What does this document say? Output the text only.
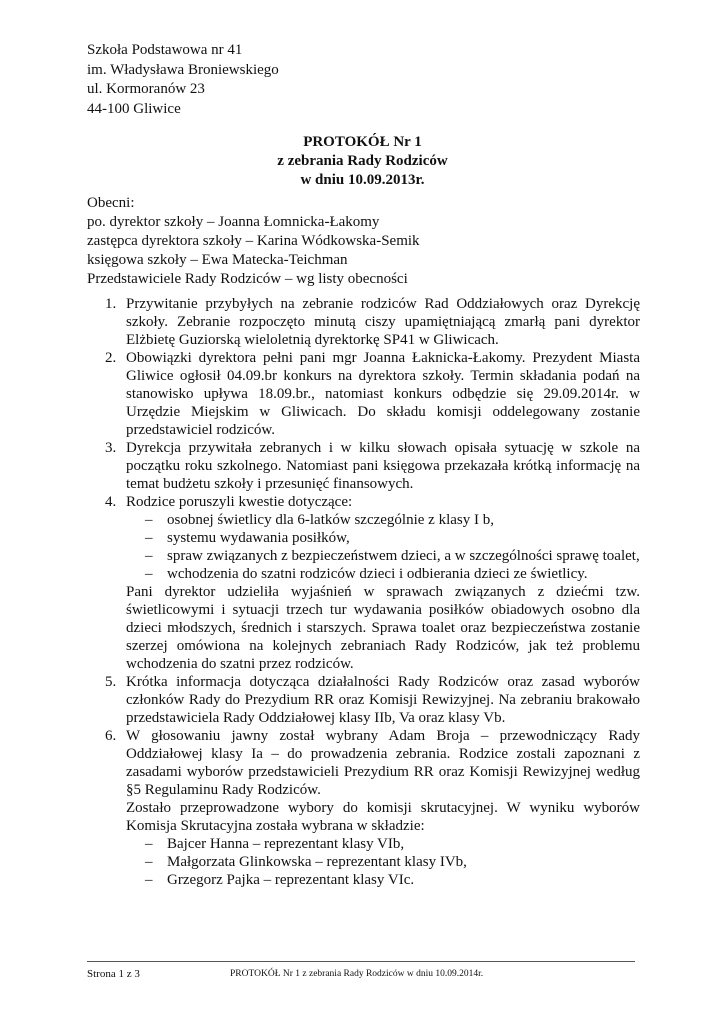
Szkoła Podstawowa nr 41
im. Władysława Broniewskiego
ul. Kormoranów 23
44-100 Gliwice
PROTOKÓŁ Nr 1
z zebrania Rady Rodziców
w dniu 10.09.2013r.
Obecni:
po. dyrektor szkoły – Joanna Łomnicka-Łakomy
zastępca dyrektora szkoły – Karina Wódkowska-Semik
księgowa szkoły – Ewa Matecka-Teichman
Przedstawiciele Rady Rodziców – wg listy obecności
1. Przywitanie przybyłych na zebranie rodziców Rad Oddziałowych oraz Dyrekcję szkoły. Zebranie rozpoczęto minutą ciszy upamiętniającą zmarłą pani dyrektor Elżbietę Guziorską wieloletnią dyrektorkę SP41 w Gliwicach.
2. Obowiązki dyrektora pełni pani mgr Joanna Łaknicka-Łakomy. Prezydent Miasta Gliwice ogłosił 04.09.br konkurs na dyrektora szkoły. Termin składania podań na stanowisko upływa 18.09.br., natomiast konkurs odbędzie się 29.09.2014r. w Urzędzie Miejskim w Gliwicach. Do składu komisji oddelegowany zostanie przedstawiciel rodziców.
3. Dyrekcja przywitała zebranych i w kilku słowach opisała sytuację w szkole na początku roku szkolnego. Natomiast pani księgowa przekazała krótką informację na temat budżetu szkoły i przesunięć finansowych.
4. Rodzice poruszyli kwestie dotyczące:
– osobnej świetlicy dla 6-latków szczególnie z klasy I b,
– systemu wydawania posiłków,
– spraw związanych z bezpieczeństwem dzieci, a w szczególności sprawę toalet,
– wchodzenia do szatni rodziców dzieci i odbierania dzieci ze świetlicy.
Pani dyrektor udzieliła wyjaśnień w sprawach związanych z dziećmi tzw. świetlicowymi i sytuacji trzech tur wydawania posiłków obiadowych osobno dla dzieci młodszych, średnich i starszych. Sprawa toalet oraz bezpieczeństwa zostanie szerzej omówiona na kolejnych zebraniach Rady Rodziców, jak też problemu wchodzenia do szatni przez rodziców.
5. Krótka informacja dotycząca działalności Rady Rodziców oraz zasad wyborów członków Rady do Prezydium RR oraz Komisji Rewizyjnej. Na zebraniu brakowało przedstawiciela Rady Oddziałowej klasy IIb, Va oraz klasy Vb.
6. W głosowaniu jawny został wybrany Adam Broja – przewodniczący Rady Oddziałowej klasy Ia – do prowadzenia zebrania. Rodzice zostali zapoznani z zasadami wyborów przedstawicieli Prezydium RR oraz Komisji Rewizyjnej według §5 Regulaminu Rady Rodziców.
Zostało przeprowadzone wybory do komisji skrutacyjnej. W wyniku wyborów Komisja Skrutacyjna została wybrana w składzie:
– Bajcer Hanna – reprezentant klasy VIb,
– Małgorzata Glinkowska – reprezentant klasy IVb,
– Grzegorz Pajka – reprezentant klasy VIc.
Strona 1 z 3	PROTOKÓŁ Nr 1 z zebrania Rady Rodziców w dniu 10.09.2014r.
